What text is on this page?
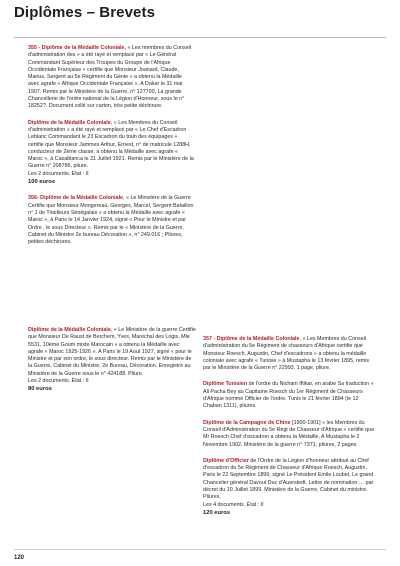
Diplômes – Brevets
355 - Diplôme de la Médaille Coloniale, « Les membres du Conseil d'administration des » a été rayé et remplacé par « Le Général Commandant Supérieur des Troupes du Groupe de l'Afrique Occidentale Française » certifie que Monsieur Joanard, Claude, Marius, Sergent au 5e Régiment du Génie » a obtenu la Médaille avec agrafe « Afrique Occidentale Française ». A Dakar le 31 mai 1907. Remis par le Ministère de la Guerre, n° 127700, La grande Chancellerie de l'ordre national de la Légion d'Honneur, sous le n° 18252?. Document collé sur carton, très petite déchirure.
Diplôme de la Médaille Coloniale, « Les Membres du Conseil d'administration » a été rayé et remplacé par « Le Chef d'Escadron Leblanc Commandant le 23 Escadron du train des équipages » certifie que Monsieur Jammes Arthur, Ernest, n° de matricule 1288H, conducteur de 2ème classe, a obtenu la Médaille avec agrafe « Maroc », à Casablanca le 31 Juillet 1921. Remis par le Ministère de la Guerre n° 208786, pliure.
Les 2 documents. État : II
100 euros
356- Diplôme de la Médaille Coloniale, « Le Ministère de la Guerre Certifie que Monsieur Mongereau, Georges, Marcel, Sergent Bataillon n° 1 de Tirailleurs Sénégalais » a obtenu la Médaille avec agrafe « Maroc », à Paris le 14 Janvier 1924, signé « Pour le Ministre et par Ordre , le sous Directeur ». Remis par le « Ministère de la Guerre, Cabinet du Ministre 2e bureau Décoration », n° 249.016 ; Pliures, petites déchirures.
Diplôme de la Médaille Coloniale, « Le Ministère de la guerre Certifie que Monsieur De Raust de Berchem, Yves, Maréchal des Logis, Mle 5531, 10ème Goum mixte Marocain » a obtenu la Médaille avec agrafe « Maroc 1925-1926 ». A Paris le 19 Aout 1927, signé « pour le Ministre et par son ordre, le sous directeur. Remis par le Ministère de la Guerre, Cabinet du Ministre, 2e Bureau, Décoration. Enregistré au Ministère de la Guerre sous le n° 424188. Pliure.
Les 2 documents. État : II
80 euros
357 - Diplôme de la Médaille Coloniale, « Les Membres du Conseil d'administration du 5e Régiment de chasseurs d'Afrique certifie que Monsieur Roesch, Augustin, Chef d'escadrons » a obtenu la médaille coloniale avec agrafe « Tunisie » à Mustapha le 13 février 1895, remis par le Ministère de la Guerre n° 22993. 1 page, pliure.
Diplôme Tunisien de l'ordre du Nicham Iftikar, en arabe Sa traduction « Ali Pacha Bey au Capitaine Roesch du 1er Régiment de Chasseurs d'Afrique nommé Officier de l'ordre. Tunis le 21 février 1894 (le 12 Chaban 1311), pliures.
Diplôme de la Campagne de Chine [1900-1901] « les Membres du Conseil d'Administration du 5e Régt de Chasseur d'Afrique » certifie que Mr Roesch Chef d'escadron a obtenu la Médaille, A Mustapha le 2 Novembre 1902. Ministère de la guerre n° 7371, pliures, 2 pages
Diplôme d'Officier de l'Ordre de la Légion d'honneur attribué au Chef d'escadron du 5e Régiment de Chasseur d'Afrique Roesch, Augustin, Paris le 22 Septembre 1899, signé Le Président Emile Loubet, Le grand Chancelier général Davout Duc d'Auerstedt. Lettre de nomination … par décret du 10 Juillet 1899. Ministère de la Guerre, Cabinet du ministre. Pliures.
Les 4 documents. État : II
120 euros
120
